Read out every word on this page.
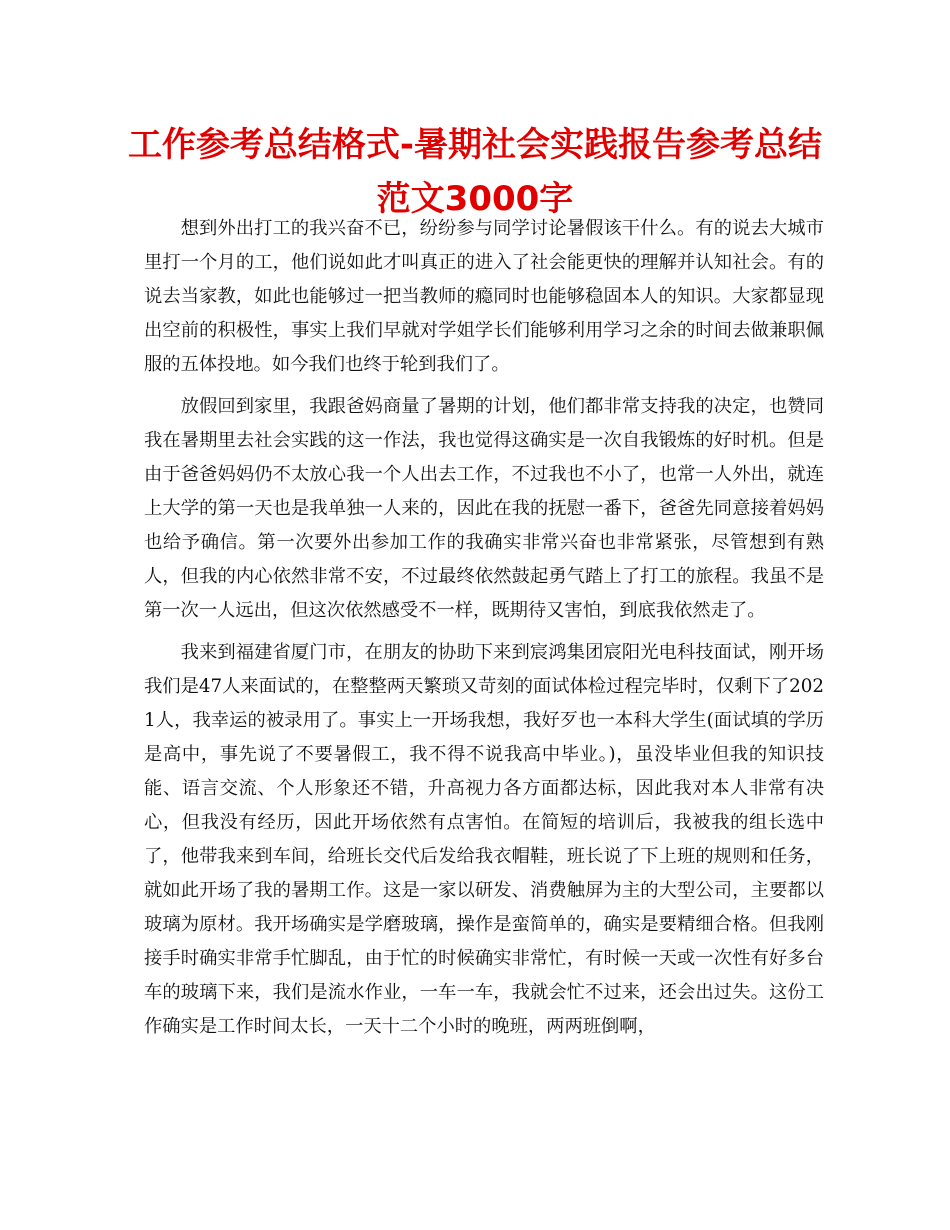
工作参考总结格式-暑期社会实践报告参考总结范文3000字

想到外出打工的我兴奋不已，纷纷参与同学讨论暑假该干什么。有的说去大城市里打一个月的工，他们说如此才叫真正的进入了社会能更快的理解并认知社会。有的说去当家教，如此也能够过一把当教师的瘾同时也能够稳固本人的知识。大家都显现出空前的积极性，事实上我们早就对学姐学长们能够利用学习之余的时间去做兼职佩服的五体投地。如今我们也终于轮到我们了。

放假回到家里，我跟爸妈商量了暑期的计划，他们都非常支持我的决定，也赞同我在暑期里去社会实践的这一作法，我也觉得这确实是一次自我锻炼的好时机。但是由于爸爸妈妈仍不太放心我一个人出去工作，不过我也不小了，也常一人外出，就连上大学的第一天也是我单独一人来的，因此在我的抚慰一番下，爸爸先同意接着妈妈也给予确信。第一次要外出参加工作的我确实非常兴奋也非常紧张，尽管想到有熟人，但我的内心依然非常不安，不过最终依然鼓起勇气踏上了打工的旅程。我虽不是第一次一人远出，但这次依然感受不一样，既期待又害怕，到底我依然走了。

我来到福建省厦门市，在朋友的协助下来到宸鸿集团宸阳光电科技面试，刚开场我们是47人来面试的，在整整两天繁琐又苛刻的面试体检过程完毕时，仅剩下了2021人，我幸运的被录用了。事实上一开场我想，我好歹也一本科大学生(面试填的学历是高中，事先说了不要暑假工，我不得不说我高中毕业。)，虽没毕业但我的知识技能、语言交流、个人形象还不错，升高视力各方面都达标，因此我对本人非常有决心，但我没有经历，因此开场依然有点害怕。在简短的培训后，我被我的组长选中了，他带我来到车间，给班长交代后发给我衣帽鞋，班长说了下上班的规则和任务，就如此开场了我的暑期工作。这是一家以研发、消费触屏为主的大型公司，主要都以玻璃为原材。我开场确实是学磨玻璃，操作是蛮简单的，确实是要精细合格。但我刚接手时确实非常手忙脚乱，由于忙的时候确实非常忙，有时候一天或一次性有好多台车的玻璃下来，我们是流水作业，一车一车，我就会忙不过来，还会出过失。这份工作确实是工作时间太长，一天十二个小时的晚班，两两班倒啊，
